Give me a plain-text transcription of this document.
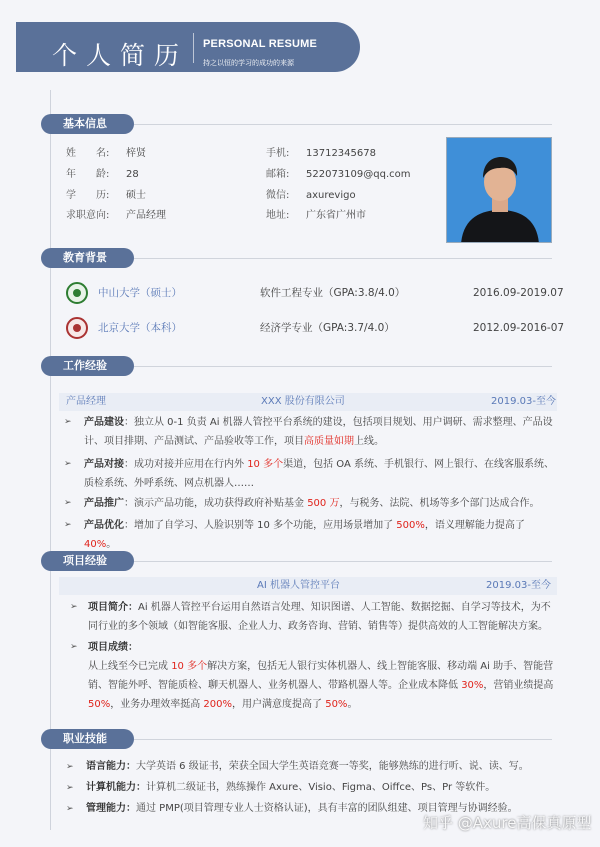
个人简历 PERSONAL RESUME
持之以恒的学习的成功的来源
基本信息
姓　　名: 梓贤
年　　龄: 28
学　　历: 硕士
求职意向: 产品经理
手机: 13712345678
邮箱: 522073109@qq.com
微信: axurevigo
地址: 广东省广州市
教育背景
中山大学（硕士）	软件工程专业（GPA:3.8/4.0）	2016.09-2019.07
北京大学（本科）	经济学专业（GPA:3.7/4.0）	2012.09-2016-07
工作经验
产品经理	XXX 股份有限公司	2019.03-至今
➢ 产品建设：独立从 0-1 负责 Ai 机器人管控平台系统的建设，包括项目规划、用户调研、需求整理、产品设
计、项目排期、产品测试、产品验收等工作，项目高质量如期上线。
➢ 产品对接：成功对接并应用在行内外 10 多个渠道，包括 OA 系统、手机银行、网上银行、在线客服系统、
质检系统、外呼系统、网点机器人……
➢ 产品推广：演示产品功能，成功获得政府补贴基金 500 万，与税务、法院、机场等多个部门达成合作。
➢ 产品优化：增加了自学习、人脸识别等 10 多个功能，应用场景增加了 500%，语义理解能力提高了 40%。
项目经验
AI 机器人管控平台	2019.03-至今
➢ 项目简介：Ai 机器人管控平台运用自然语言处理、知识图谱、人工智能、数据挖掘、自学习等技术，为不
同行业的多个领域（如智能客服、企业人力、政务咨询、营销、销售等）提供高效的人工智能解决方案。
➢ 项目成绩：
从上线至今已完成 10 多个解决方案，包括无人银行实体机器人、线上智能客服、移动端 Ai 助手、智能营
销、智能外呼、智能质检、聊天机器人、业务机器人、带路机器人等。企业成本降低 30%，营销业绩提高
50%，业务办理效率挺高 200%，用户满意度提高了 50%。
职业技能
➢ 语言能力：大学英语 6 级证书，荣获全国大学生英语竞赛一等奖，能够熟练的进行听、说、读、写。
➢ 计算机能力：计算机二级证书，熟练操作 Axure、Visio、Figma、Oiffce、Ps、Pr 等软件。
➢ 管理能力：通过 PMP(项目管理专业人士资格认证)，具有丰富的团队组建、项目管理与协调经验。
知乎 @Axure高保真原型
